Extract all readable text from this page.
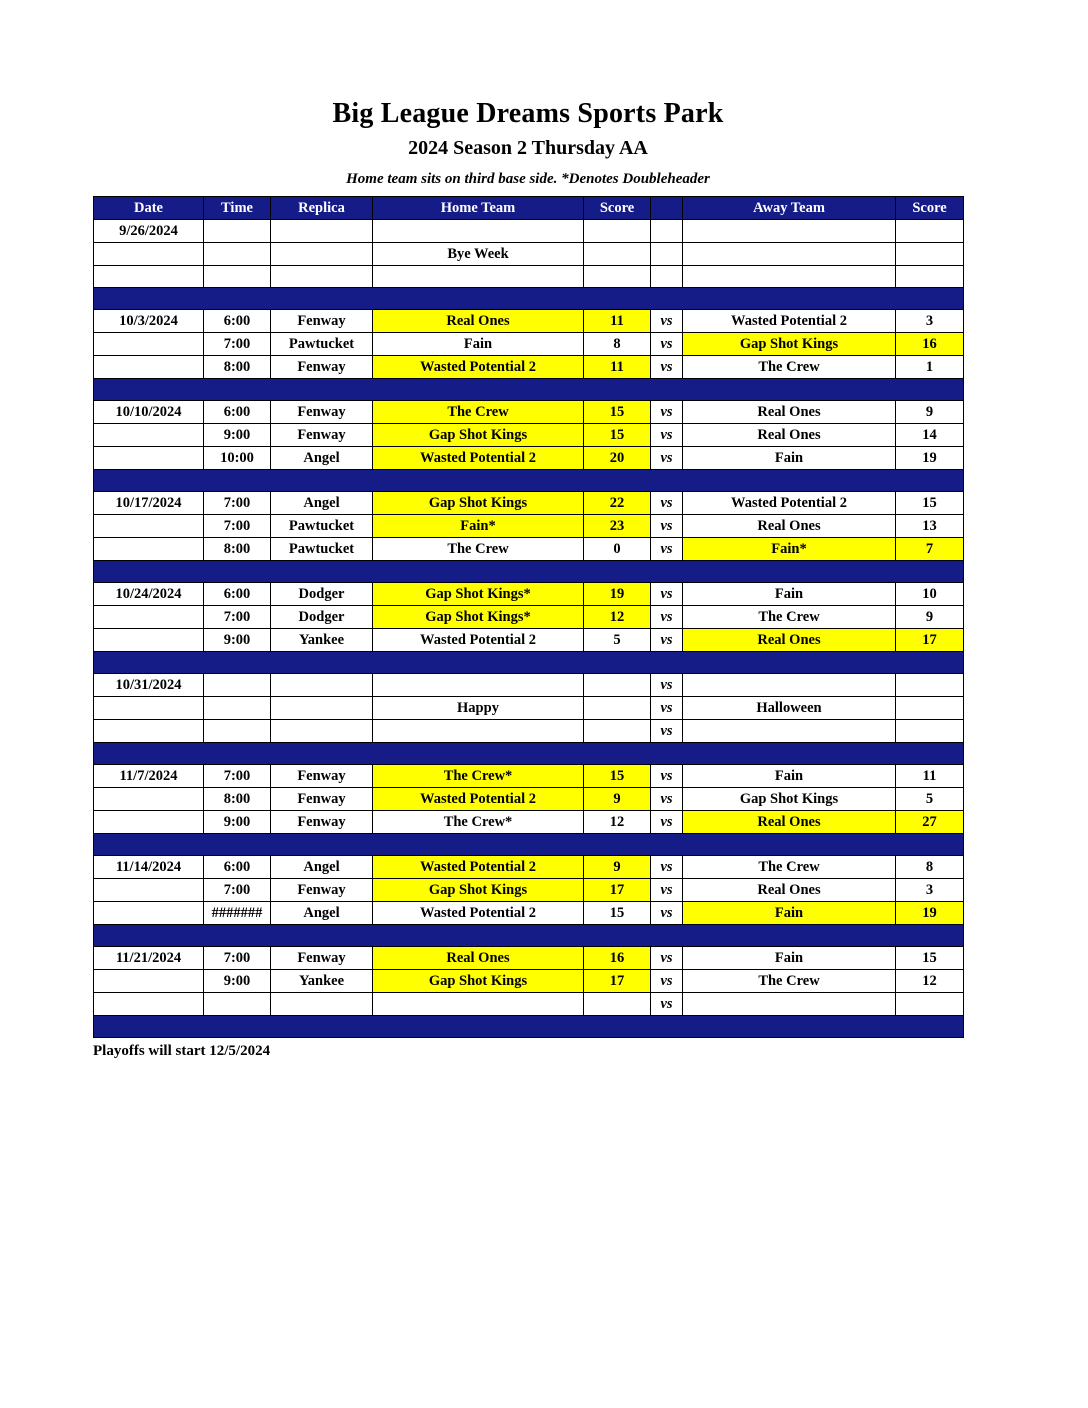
Big League Dreams Sports Park
2024 Season 2 Thursday AA
Home team sits on third base side. *Denotes Doubleheader
Date	Time	Replica	Home Team	Score		Away Team	Score
9/26/2024							
			Bye Week				

10/3/2024	6:00	Fenway	Real Ones	11	vs	Wasted Potential 2	3
	7:00	Pawtucket	Fain	8	vs	Gap Shot Kings	16
	8:00	Fenway	Wasted Potential 2	11	vs	The Crew	1

10/10/2024	6:00	Fenway	The Crew	15	vs	Real Ones	9
	9:00	Fenway	Gap Shot Kings	15	vs	Real Ones	14
	10:00	Angel	Wasted Potential 2	20	vs	Fain	19

10/17/2024	7:00	Angel	Gap Shot Kings	22	vs	Wasted Potential 2	15
	7:00	Pawtucket	Fain*	23	vs	Real Ones	13
	8:00	Pawtucket	The Crew	0	vs	Fain*	7

10/24/2024	6:00	Dodger	Gap Shot Kings*	19	vs	Fain	10
	7:00	Dodger	Gap Shot Kings*	12	vs	The Crew	9
	9:00	Yankee	Wasted Potential 2	5	vs	Real Ones	17

10/31/2024					vs		
			Happy		vs	Halloween	
					vs		

11/7/2024	7:00	Fenway	The Crew*	15	vs	Fain	11
	8:00	Fenway	Wasted Potential 2	9	vs	Gap Shot Kings	5
	9:00	Fenway	The Crew*	12	vs	Real Ones	27

11/14/2024	6:00	Angel	Wasted Potential 2	9	vs	The Crew	8
	7:00	Fenway	Gap Shot Kings	17	vs	Real Ones	3
	#######	Angel	Wasted Potential 2	15	vs	Fain	19

11/21/2024	7:00	Fenway	Real Ones	16	vs	Fain	15
	9:00	Yankee	Gap Shot Kings	17	vs	The Crew	12
					vs		

Playoffs will start 12/5/2024
